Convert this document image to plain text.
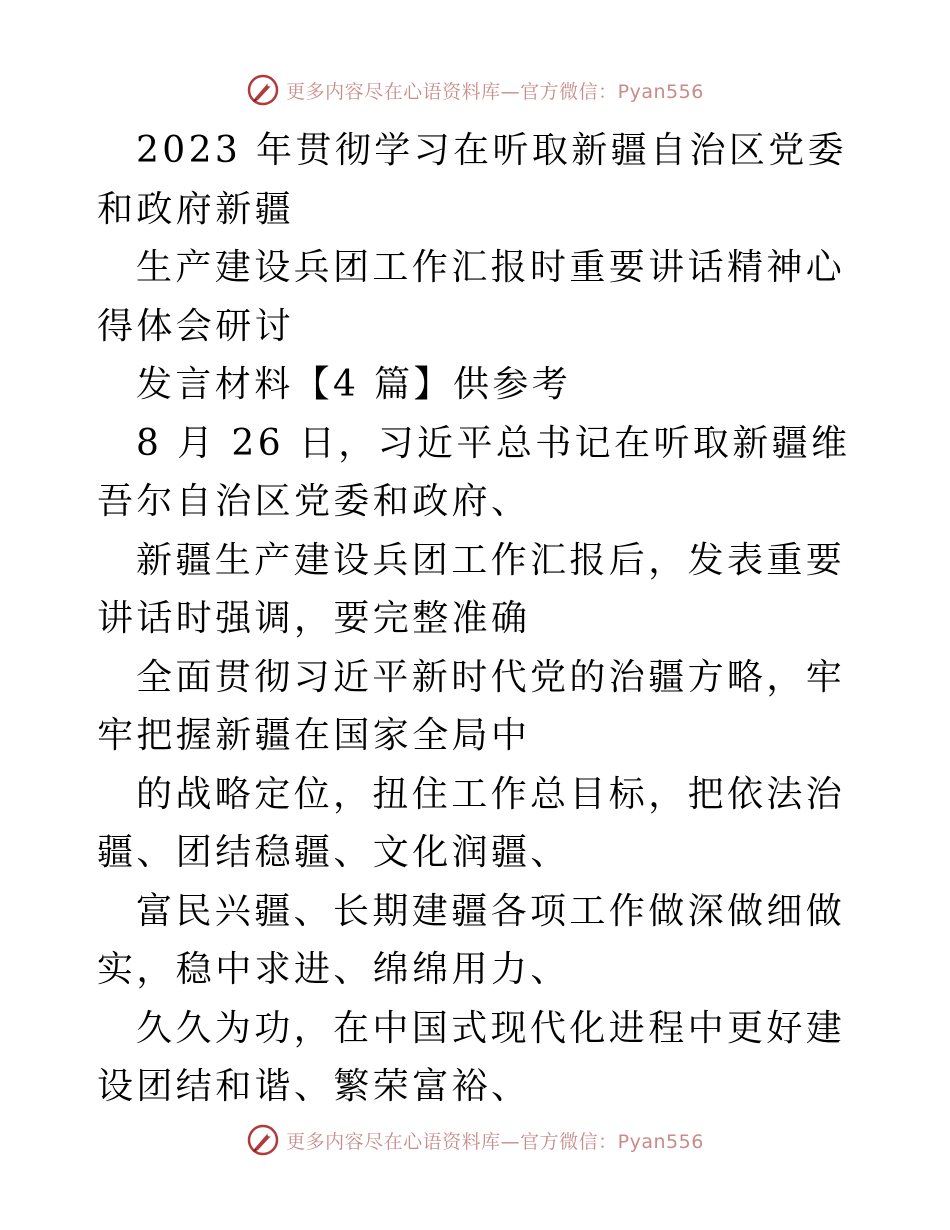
更多内容尽在心语资料库—官方微信：Pyan556

2023 年贯彻学习在听取新疆自治区党委和政府新疆

生产建设兵团工作汇报时重要讲话精神心得体会研讨

发言材料【4 篇】供参考

8 月 26 日，习近平总书记在听取新疆维吾尔自治区党委和政府、

新疆生产建设兵团工作汇报后，发表重要讲话时强调，要完整准确

全面贯彻习近平新时代党的治疆方略，牢牢把握新疆在国家全局中

的战略定位，扭住工作总目标，把依法治疆、团结稳疆、文化润疆、

富民兴疆、长期建疆各项工作做深做细做实，稳中求进、绵绵用力、

久久为功，在中国式现代化进程中更好建设团结和谐、繁荣富裕、

更多内容尽在心语资料库—官方微信：Pyan556
